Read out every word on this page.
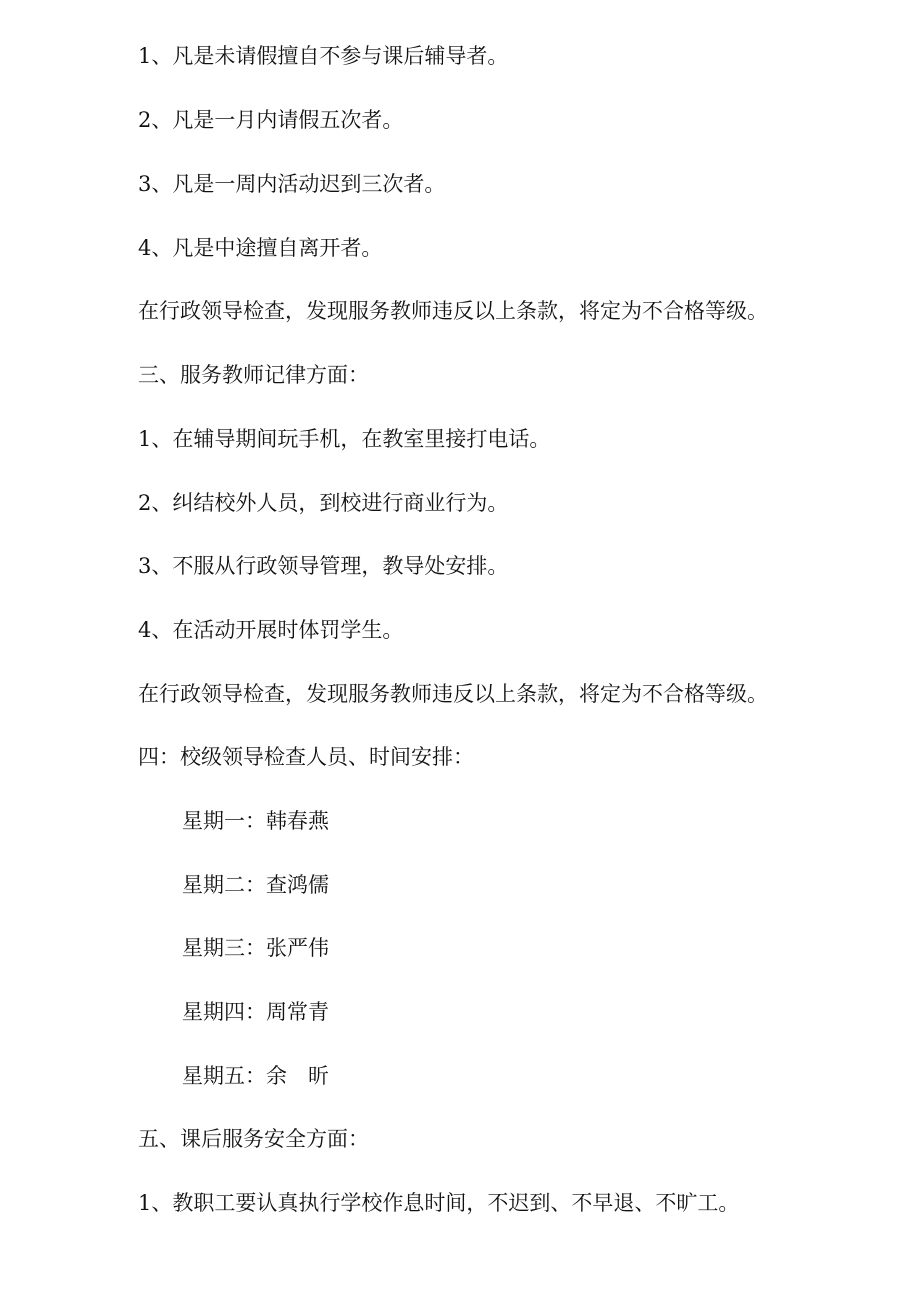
1、凡是未请假擅自不参与课后辅导者。
2、凡是一月内请假五次者。
3、凡是一周内活动迟到三次者。
4、凡是中途擅自离开者。
在行政领导检查，发现服务教师违反以上条款，将定为不合格等级。
三、服务教师记律方面：
1、在辅导期间玩手机，在教室里接打电话。
2、纠结校外人员，到校进行商业行为。
3、不服从行政领导管理，教导处安排。
4、在活动开展时体罚学生。
在行政领导检查，发现服务教师违反以上条款，将定为不合格等级。
四：校级领导检查人员、时间安排：
星期一：韩春燕
星期二：查鸿儒
星期三：张严伟
星期四：周常青
星期五：余　昕
五、课后服务安全方面：
1、教职工要认真执行学校作息时间，不迟到、不早退、不旷工。
